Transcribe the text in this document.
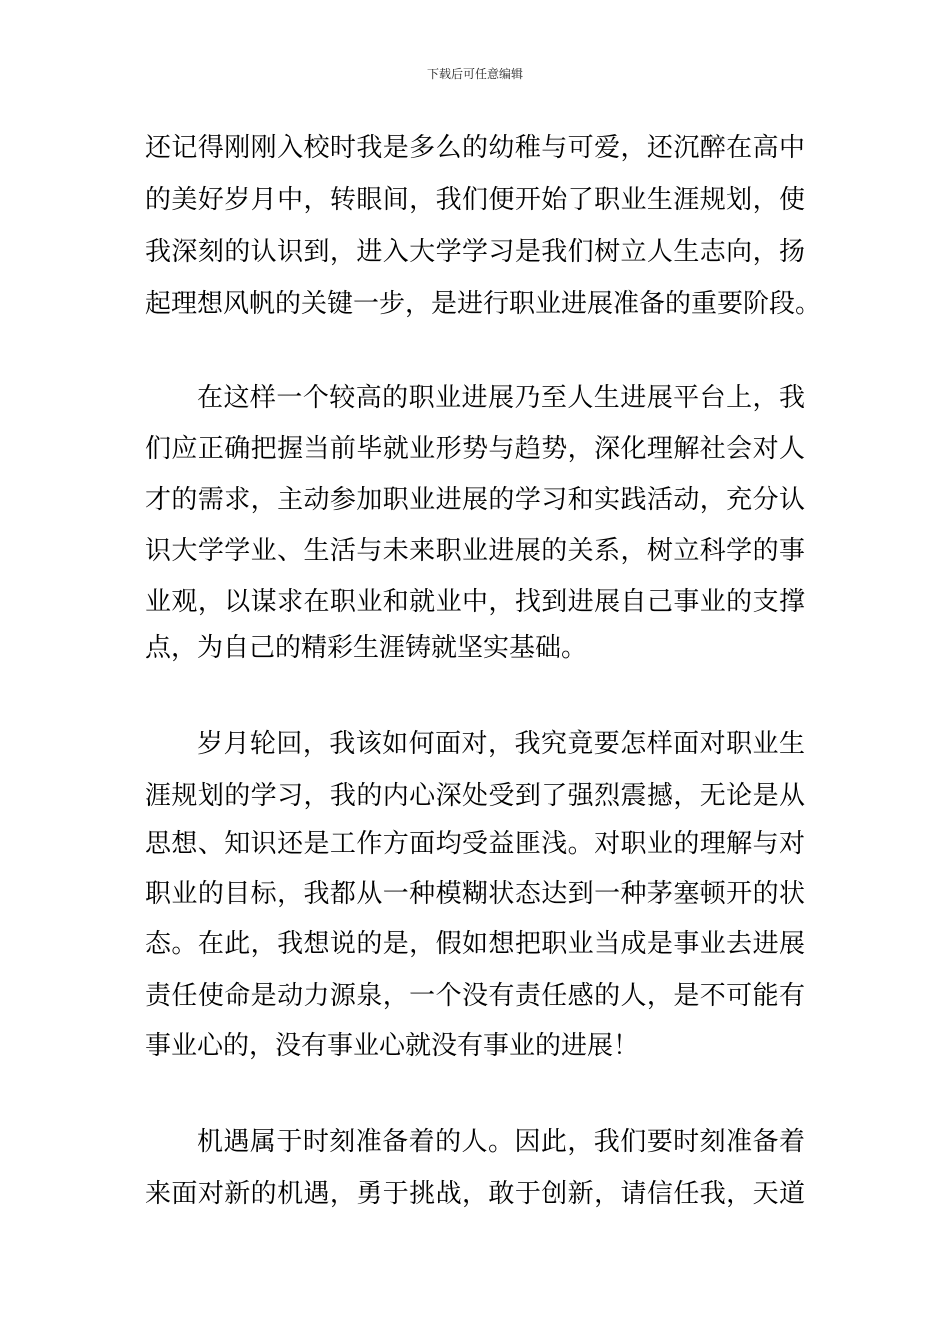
下载后可任意编辑
还记得刚刚入校时我是多么的幼稚与可爱，还沉醉在高中
的美好岁月中，转眼间，我们便开始了职业生涯规划，使
我深刻的认识到，进入大学学习是我们树立人生志向，扬
起理想风帆的关键一步，是进行职业进展准备的重要阶段。
在这样一个较高的职业进展乃至人生进展平台上，我
们应正确把握当前毕就业形势与趋势，深化理解社会对人
才的需求，主动参加职业进展的学习和实践活动，充分认
识大学学业、生活与未来职业进展的关系，树立科学的事
业观，以谋求在职业和就业中，找到进展自己事业的支撑
点，为自己的精彩生涯铸就坚实基础。
岁月轮回，我该如何面对，我究竟要怎样面对职业生
涯规划的学习，我的内心深处受到了强烈震撼，无论是从
思想、知识还是工作方面均受益匪浅。对职业的理解与对
职业的目标，我都从一种模糊状态达到一种茅塞顿开的状
态。在此，我想说的是，假如想把职业当成是事业去进展
责任使命是动力源泉，一个没有责任感的人，是不可能有
事业心的，没有事业心就没有事业的进展！
机遇属于时刻准备着的人。因此，我们要时刻准备着
来面对新的机遇，勇于挑战，敢于创新，请信任我，天道
